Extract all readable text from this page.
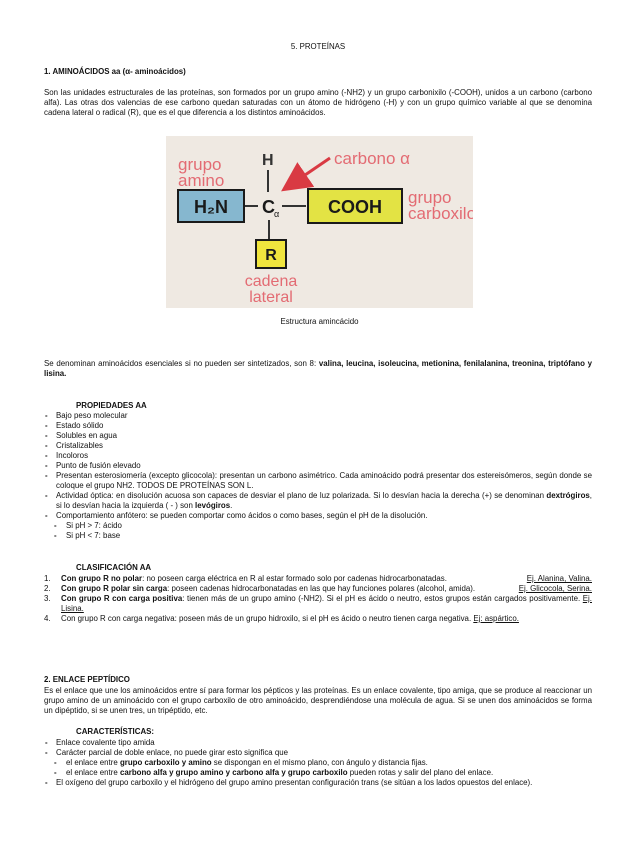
5. PROTEÍNAS
1. AMINOÁCIDOS aa (α- aminoácidos)
Son las unidades estructurales de las proteínas, son formados por un grupo amino (-NH2) y un grupo carbonixilo (-COOH), unidos a un carbono (carbono alfa). Las otras dos valencias de ese carbono quedan saturadas con un átomo de hidrógeno (-H) y con un grupo químico variable al que se denomina cadena lateral o radical (R), que es el que diferencia a los distintos aminoácidos.
grupo
amino
carbono α
H
H₂N C α	COOH grupo
carboxilo
R
cadena
lateral
Estructura amincácido
Se denominan aminoácidos esenciales si no pueden ser sintetizados, son 8: valina, leucina, isoleucina, metionina, fenilalanina, treonina, triptófano y lisina.
PROPIEDADES AA
- Bajo peso molecular
- Estado sólido
- Solubles en agua
- Cristalizables
- Incoloros
- Punto de fusión elevado
- Presentan esterosiomería (excepto glicocola): presentan un carbono asimétrico. Cada aminoácido podrá presentar dos estereisómeros, según donde se coloque el grupo NH2. TODOS DE PROTEÍNAS SON L.
- Actividad óptica: en disolución acuosa son capaces de desviar el plano de luz polarizada. Si lo desvían hacia la derecha (+) se denominan dextrógiros, si lo desvían hacia la izquierda ( - ) son levógiros.
- Comportamiento anfótero: se pueden comportar como ácidos o como bases, según el pH de la disolución.
- Si pH > 7: ácido
- Si pH < 7: base
CLASIFICACIÓN AA
1.	Ej. Alanina, Valina.
Con grupo R no polar: no poseen carga eléctrica en R al estar formado solo por cadenas hidrocarbonatadas.
2.	Ej. Glicocola, Serina.
Con grupo R polar sin carga: poseen cadenas hidrocarbonatadas en las que hay funciones polares (alcohol, amida).
3. Con grupo R con carga positiva: tienen más de un grupo amino (-NH2). Si el pH es ácido o neutro, estos grupos están cargados positivamente. Ej. Lisina.
4. Con grupo R con carga negativa: poseen más de un grupo hidroxilo, si el pH es ácido o neutro tienen carga negativa. Ej: aspártico.
2. ENLACE PEPTÍDICO
Es el enlace que une los aminoácidos entre sí para formar los pépticos y las proteínas. Es un enlace covalente, tipo amiga, que se produce al reaccionar un grupo amino de un aminoácido con el grupo carboxilo de otro aminoácido, desprendiéndose una molécula de agua. Si se unen dos aminoácidos se forma un dipéptido, si se unen tres, un tripéptido, etc.
CARACTERÍSTICAS:
- Enlace covalente tipo amida
- Carácter parcial de doble enlace, no puede girar esto significa que
- el enlace entre grupo carboxilo y amino se dispongan en el mismo plano, con ángulo y distancia fijas.
- el enlace entre carbono alfa y grupo amino y carbono alfa y grupo carboxilo pueden rotas y salir del plano del enlace.
- El oxígeno del grupo carboxilo y el hidrógeno del grupo amino presentan configuración trans (se sitúan a los lados opuestos del enlace).
